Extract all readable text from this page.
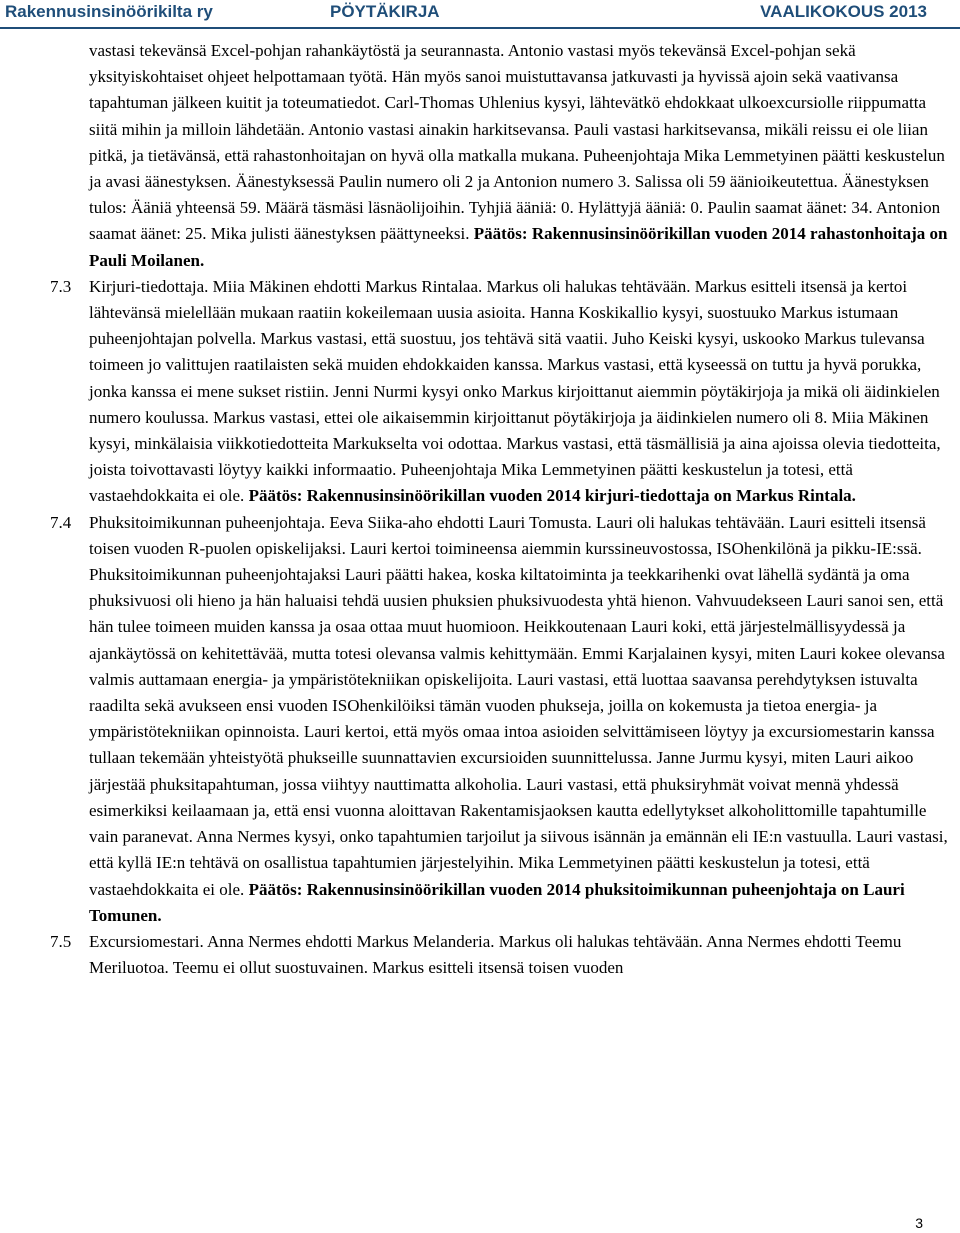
Rakennusinsinöörikilta ry	PÖYTÄKIRJA	VAALIKOKOUS 2013

vastasi tekevänsä Excel-pohjan rahankäytöstä ja seurannasta. Antonio vastasi myös tekevänsä Excel-pohjan sekä yksityiskohtaiset ohjeet helpottamaan työtä. Hän myös sanoi muistuttavansa jatkuvasti ja hyvissä ajoin sekä vaativansa tapahtuman jälkeen kuitit ja toteumatiedot. Carl-Thomas Uhlenius kysyi, lähtevätkö ehdokkaat ulkoexcursiolle riippumatta siitä mihin ja milloin lähdetään. Antonio vastasi ainakin harkitsevansa. Pauli vastasi harkitsevansa, mikäli reissu ei ole liian pitkä, ja tietävänsä, että rahastonhoitajan on hyvä olla matkalla mukana. Puheenjohtaja Mika Lemmetyinen päätti keskustelun ja avasi äänestyksen. Äänestyksessä Paulin numero oli 2 ja Antonion numero 3. Salissa oli 59 äänioikeutettua. Äänestyksen tulos: Ääniä yhteensä 59. Määrä täsmäsi läsnäolijoihin. Tyhjiä ääniä: 0. Hylättyjä ääniä: 0. Paulin saamat äänet: 34. Antonion saamat äänet: 25. Mika julisti äänestyksen päättyneeksi. Päätös: Rakennusinsinöörikillan vuoden 2014 rahastonhoitaja on Pauli Moilanen.

7.3 Kirjuri-tiedottaja. Miia Mäkinen ehdotti Markus Rintalaa. Markus oli halukas tehtävään. Markus esitteli itsensä ja kertoi lähtevänsä mielellään mukaan raatiin kokeilemaan uusia asioita. Hanna Koskikallio kysyi, suostuuko Markus istumaan puheenjohtajan polvella. Markus vastasi, että suostuu, jos tehtävä sitä vaatii. Juho Keiski kysyi, uskooko Markus tulevansa toimeen jo valittujen raatilaisten sekä muiden ehdokkaiden kanssa. Markus vastasi, että kyseessä on tuttu ja hyvä porukka, jonka kanssa ei mene sukset ristiin. Jenni Nurmi kysyi onko Markus kirjoittanut aiemmin pöytäkirjoja ja mikä oli äidinkielen numero koulussa. Markus vastasi, ettei ole aikaisemmin kirjoittanut pöytäkirjoja ja äidinkielen numero oli 8. Miia Mäkinen kysyi, minkälaisia viikkotiedotteita Markukselta voi odottaa. Markus vastasi, että täsmällisiä ja aina ajoissa olevia tiedotteita, joista toivottavasti löytyy kaikki informaatio. Puheenjohtaja Mika Lemmetyinen päätti keskustelun ja totesi, että vastaehdokkaita ei ole. Päätös: Rakennusinsinöörikillan vuoden 2014 kirjuri-tiedottaja on Markus Rintala.

7.4 Phuksitoimikunnan puheenjohtaja. Eeva Siika-aho ehdotti Lauri Tomusta. Lauri oli halukas tehtävään. Lauri esitteli itsensä toisen vuoden R-puolen opiskelijaksi. Lauri kertoi toimineensa aiemmin kurssineuvostossa, ISOhenkilönä ja pikku-IE:ssä. Phuksitoimikunnan puheenjohtajaksi Lauri päätti hakea, koska kiltatoiminta ja teekkarihenki ovat lähellä sydäntä ja oma phuksivuosi oli hieno ja hän haluaisi tehdä uusien phuksien phuksivuodesta yhtä hienon. Vahvuudekseen Lauri sanoi sen, että hän tulee toimeen muiden kanssa ja osaa ottaa muut huomioon. Heikkoutenaan Lauri koki, että järjestelmällisyydessä ja ajankäytössä on kehitettävää, mutta totesi olevansa valmis kehittymään. Emmi Karjalainen kysyi, miten Lauri kokee olevansa valmis auttamaan energia- ja ympäristötekniikan opiskelijoita. Lauri vastasi, että luottaa saavansa perehdytyksen istuvalta raadilta sekä avukseen ensi vuoden ISOhenkilöiksi tämän vuoden phukseja, joilla on kokemusta ja tietoa energia- ja ympäristötekniikan opinnoista. Lauri kertoi, että myös omaa intoa asioiden selvittämiseen löytyy ja excursiomestarin kanssa tullaan tekemään yhteistyötä phukseille suunnattavien excursioiden suunnittelussa. Janne Jurmu kysyi, miten Lauri aikoo järjestää phuksitapahtuman, jossa viihtyy nauttimatta alkoholia. Lauri vastasi, että phuksiryhmät voivat mennä yhdessä esimerkiksi keilaamaan ja, että ensi vuonna aloittavan Rakentamisjaoksen kautta edellytykset alkoholittomille tapahtumille vain paranevat. Anna Nermes kysyi, onko tapahtumien tarjoilut ja siivous isännän ja emännän eli IE:n vastuulla. Lauri vastasi, että kyllä IE:n tehtävä on osallistua tapahtumien järjestelyihin. Mika Lemmetyinen päätti keskustelun ja totesi, että vastaehdokkaita ei ole. Päätös: Rakennusinsinöörikillan vuoden 2014 phuksitoimikunnan puheenjohtaja on Lauri Tomunen.

7.5 Excursiomestari. Anna Nermes ehdotti Markus Melanderia. Markus oli halukas tehtävään. Anna Nermes ehdotti Teemu Meriluotoa. Teemu ei ollut suostuvainen. Markus esitteli itsensä toisen vuoden

3
